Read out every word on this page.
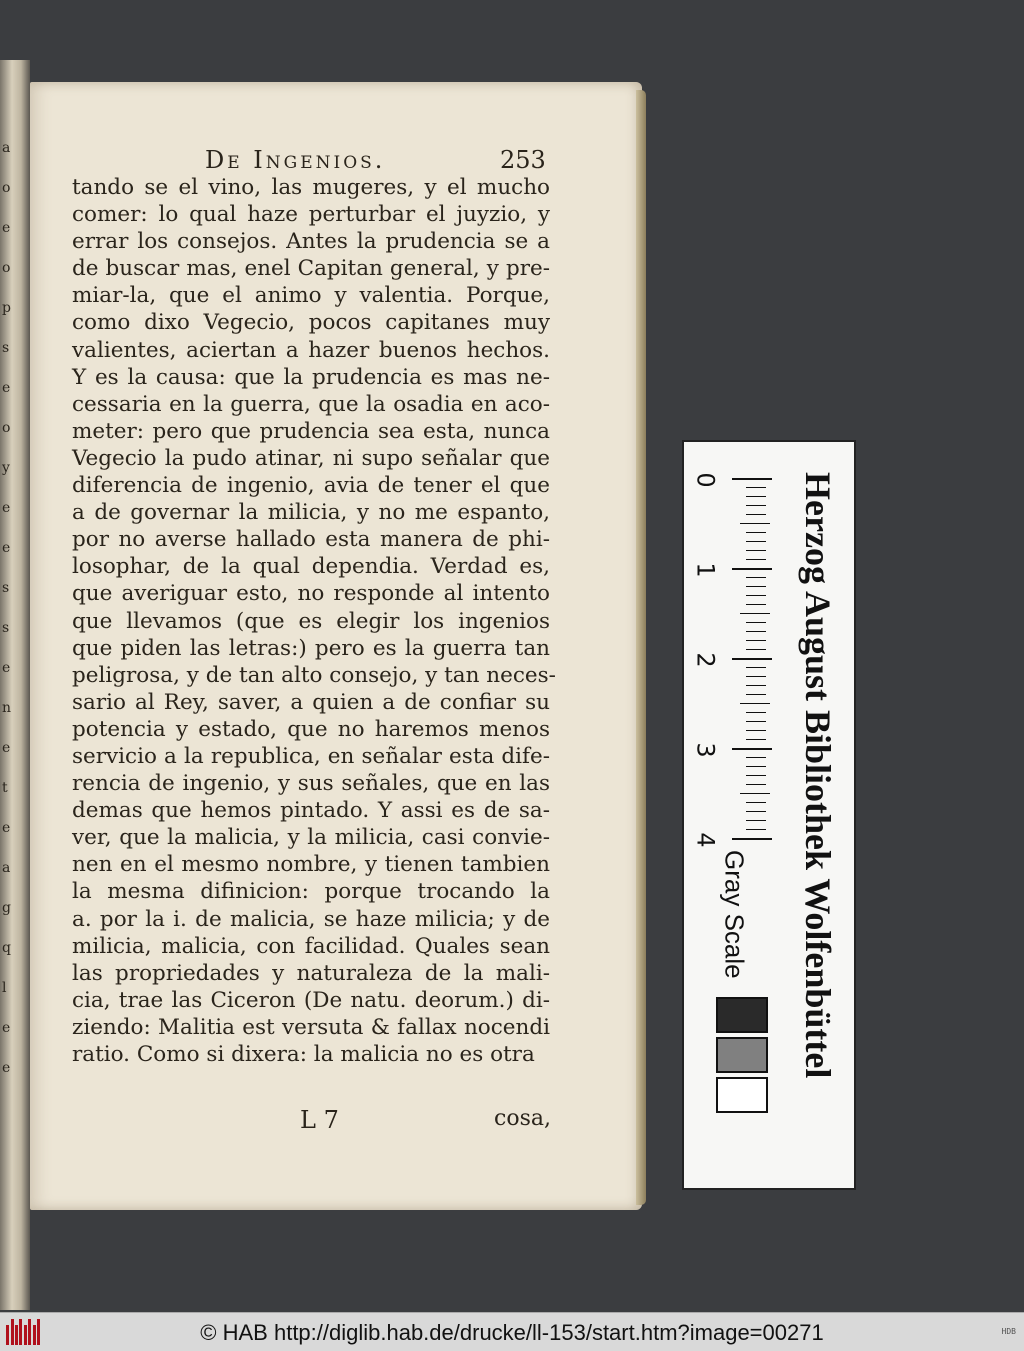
a
o
e
o
p
s
e
o
y
e
e
s
s
e
n
e
t
e
a
g
q
l
e
e
De Ingenios.	253
tando se el vino, las mugeres, y el mucho
comer: lo qual haze perturbar el juyzio, y
errar los consejos. Antes la prudencia se a
de buscar mas, enel Capitan general, y pre-
miar-la, que el animo y valentia. Porque,
como dixo Vegecio, pocos capitanes muy
valientes, aciertan a hazer buenos hechos.
Y es la causa: que la prudencia es mas ne-
cessaria en la guerra, que la osadia en aco-
meter: pero que prudencia sea esta, nunca
Vegecio la pudo atinar, ni supo señalar que
diferencia de ingenio, avia de tener el que
a de governar la milicia, y no me espanto,
por no averse hallado esta manera de phi-
losophar, de la qual dependia. Verdad es,
que averiguar esto, no responde al intento
que llevamos (que es elegir los ingenios
que piden las letras:) pero es la guerra tan
peligrosa, y de tan alto consejo, y tan neces-
sario al Rey, saver, a quien a de confiar su
potencia y estado, que no haremos menos
servicio a la republica, en señalar esta dife-
rencia de ingenio, y sus señales, que en las
demas que hemos pintado. Y assi es de sa-
ver, que la malicia, y la milicia, casi convie-
nen en el mesmo nombre, y tienen tambien
la mesma difinicion: porque trocando la
a. por la i. de malicia, se haze milicia; y de
milicia, malicia, con facilidad. Quales sean
las propriedades y naturaleza de la mali-
cia, trae las Ciceron (De natu. deorum.) di-
ziendo: Malitia est versuta & fallax nocendi
ratio. Como si dixera: la malicia no es otra
L 7	cosa,
Herzog August Bibliothek Wolfenbüttel
Gray Scale
0
1
2
3
4
© HAB http://diglib.hab.de/drucke/ll-153/start.htm?image=00271	HDB
